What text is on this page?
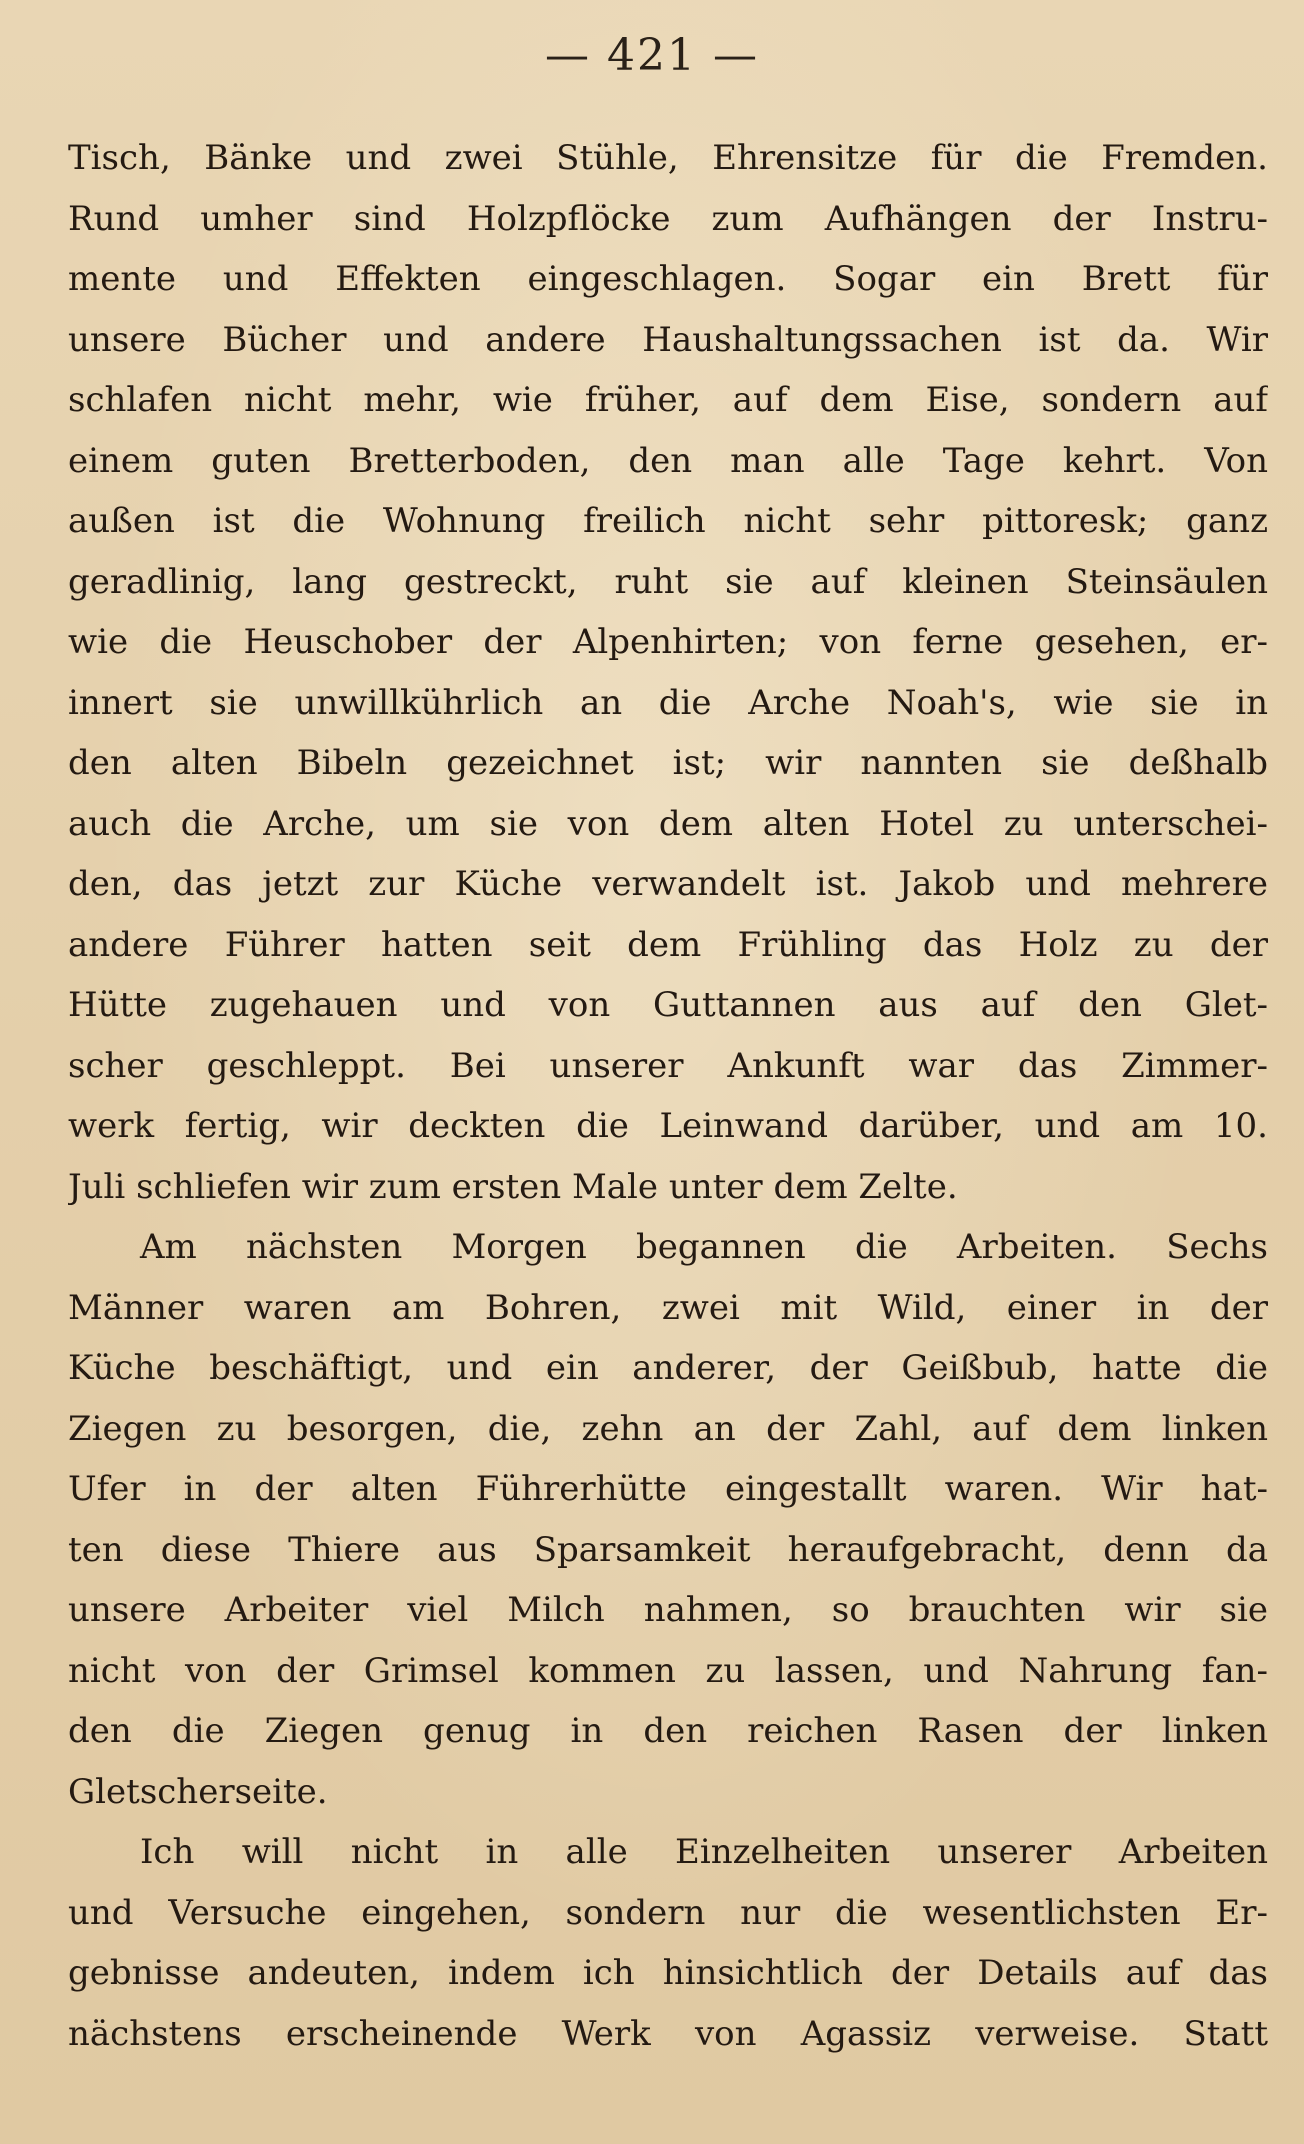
— 421 —
Tisch, Bänke und zwei Stühle, Ehrensitze für die Fremden.
Rund umher sind Holzpflöcke zum Aufhängen der Instru-
mente und Effekten eingeschlagen. Sogar ein Brett für
unsere Bücher und andere Haushaltungssachen ist da. Wir
schlafen nicht mehr, wie früher, auf dem Eise, sondern auf
einem guten Bretterboden, den man alle Tage kehrt. Von
außen ist die Wohnung freilich nicht sehr pittoresk; ganz
geradlinig, lang gestreckt, ruht sie auf kleinen Steinsäulen
wie die Heuschober der Alpenhirten; von ferne gesehen, er-
innert sie unwillkührlich an die Arche Noah's, wie sie in
den alten Bibeln gezeichnet ist; wir nannten sie deßhalb
auch die Arche, um sie von dem alten Hotel zu unterschei-
den, das jetzt zur Küche verwandelt ist. Jakob und mehrere
andere Führer hatten seit dem Frühling das Holz zu der
Hütte zugehauen und von Guttannen aus auf den Glet-
scher geschleppt. Bei unserer Ankunft war das Zimmer-
werk fertig, wir deckten die Leinwand darüber, und am 10.
Juli schliefen wir zum ersten Male unter dem Zelte.
Am nächsten Morgen begannen die Arbeiten. Sechs
Männer waren am Bohren, zwei mit Wild, einer in der
Küche beschäftigt, und ein anderer, der Geißbub, hatte die
Ziegen zu besorgen, die, zehn an der Zahl, auf dem linken
Ufer in der alten Führerhütte eingestallt waren. Wir hat-
ten diese Thiere aus Sparsamkeit heraufgebracht, denn da
unsere Arbeiter viel Milch nahmen, so brauchten wir sie
nicht von der Grimsel kommen zu lassen, und Nahrung fan-
den die Ziegen genug in den reichen Rasen der linken
Gletscherseite.
Ich will nicht in alle Einzelheiten unserer Arbeiten
und Versuche eingehen, sondern nur die wesentlichsten Er-
gebnisse andeuten, indem ich hinsichtlich der Details auf das
nächstens erscheinende Werk von Agassiz verweise. Statt
